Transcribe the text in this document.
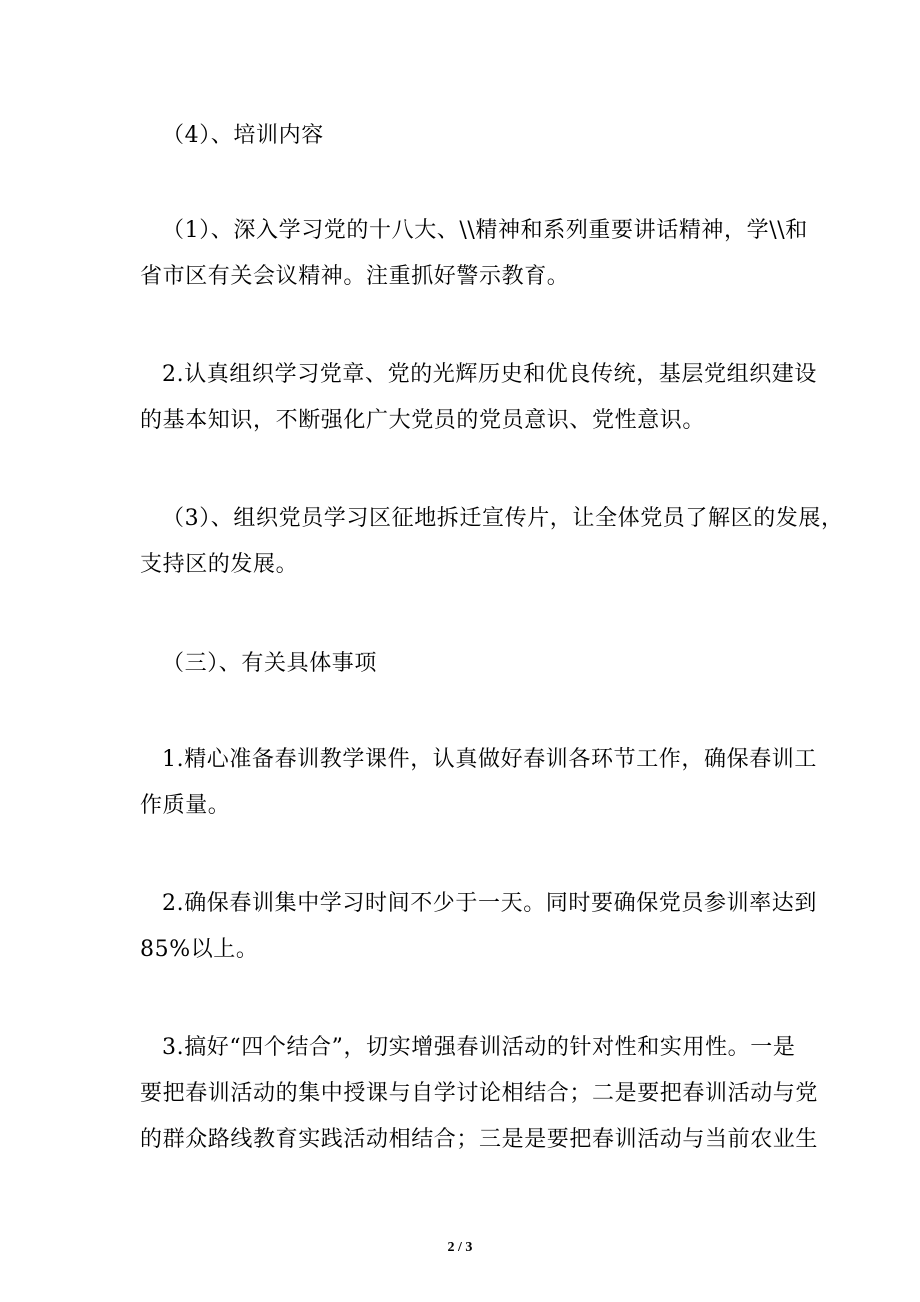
（4）、培训内容
（1）、深入学习党的十八大、\\精神和系列重要讲话精神，学\\和
省市区有关会议精神。注重抓好警示教育。
2.认真组织学习党章、党的光辉历史和优良传统，基层党组织建设
的基本知识，不断强化广大党员的党员意识、党性意识。
（3）、组织党员学习区征地拆迁宣传片，让全体党员了解区的发展，
支持区的发展。
（三）、有关具体事项
1.精心准备春训教学课件，认真做好春训各环节工作，确保春训工
作质量。
2.确保春训集中学习时间不少于一天。同时要确保党员参训率达到
85%以上。
3.搞好“四个结合”，切实增强春训活动的针对性和实用性。一是
要把春训活动的集中授课与自学讨论相结合；二是要把春训活动与党
的群众路线教育实践活动相结合；三是是要把春训活动与当前农业生
2 / 3
